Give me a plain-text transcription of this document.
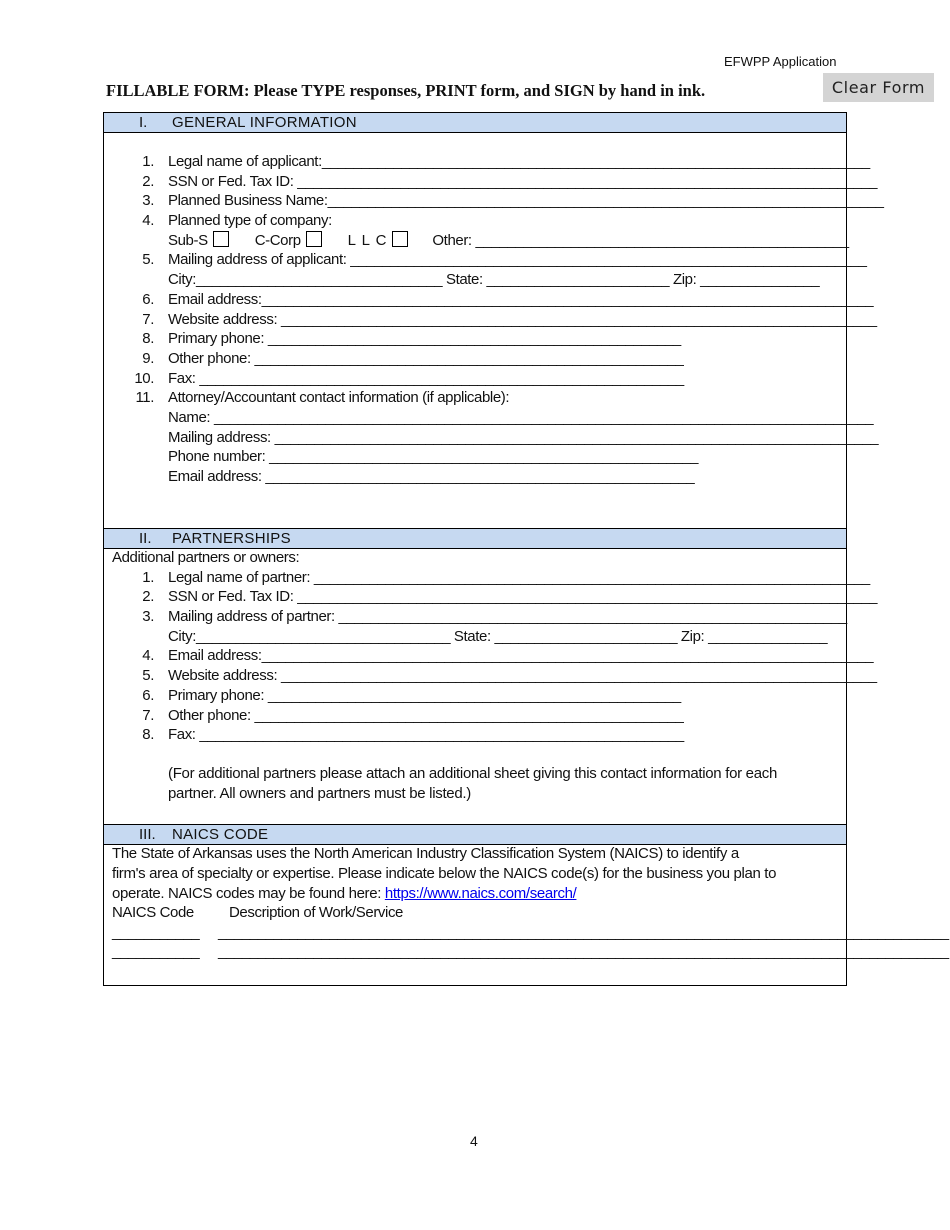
EFWPP Application
Clear Form
FILLABLE FORM: Please TYPE responses, PRINT form, and SIGN by hand in ink.
I. GENERAL INFORMATION
1. Legal name of applicant:_____________________________________________________________________
2. SSN or Fed. Tax ID: _________________________________________________________________________
3. Planned Business Name:______________________________________________________________________
4. Planned type of company:
Sub-S	C-Corp	L L C	Other: _______________________________________________
5. Mailing address of applicant: _________________________________________________________________
City:_______________________________ State: _______________________ Zip: _______________
6. Email address:_____________________________________________________________________________
7. Website address: ___________________________________________________________________________
8. Primary phone: ____________________________________________________
9. Other phone: ______________________________________________________
10. Fax: _____________________________________________________________
11. Attorney/Accountant contact information (if applicable):
Name: ___________________________________________________________________________________
Mailing address: ____________________________________________________________________________
Phone number: ______________________________________________________
Email address: ______________________________________________________
II. PARTNERSHIPS
Additional partners or owners:
1. Legal name of partner: ______________________________________________________________________
2. SSN or Fed. Tax ID: _________________________________________________________________________
3. Mailing address of partner: ________________________________________________________________
City:________________________________ State: _______________________ Zip: _______________
4. Email address:_____________________________________________________________________________
5. Website address: ___________________________________________________________________________
6. Primary phone: ____________________________________________________
7. Other phone: ______________________________________________________
8. Fax: _____________________________________________________________
(For additional partners please attach an additional sheet giving this contact information for each
partner. All owners and partners must be listed.)
III. NAICS CODE
The State of Arkansas uses the North American Industry Classification System (NAICS) to identify a
firm's area of specialty or expertise. Please indicate below the NAICS code(s) for the business you plan to
operate. NAICS codes may be found here: https://www.naics.com/search/
NAICS Code Description of Work/Service
___________ ____________________________________________________________________________________________
___________ ____________________________________________________________________________________________
4
